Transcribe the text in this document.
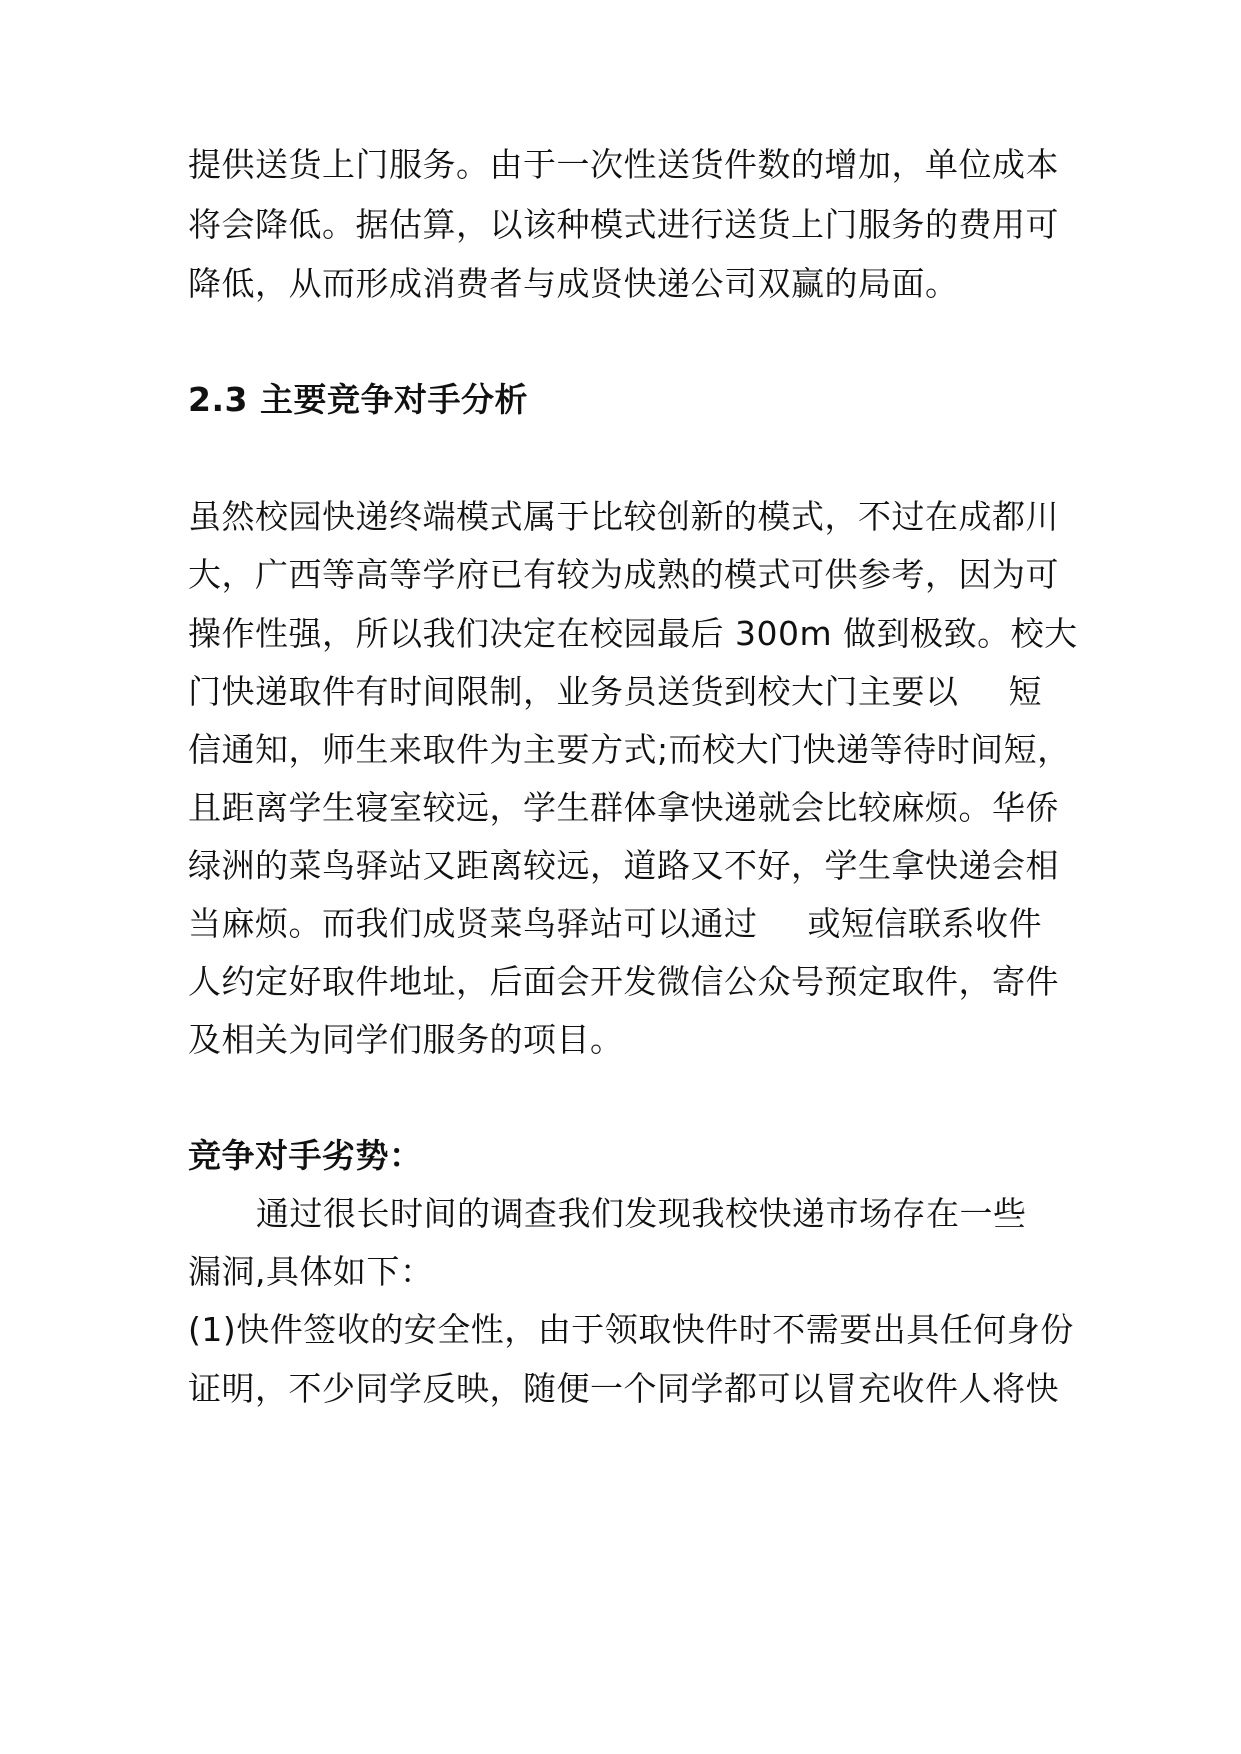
提供送货上门服务。由于一次性送货件数的增加，单位成本
将会降低。据估算，以该种模式进行送货上门服务的费用可
降低，从而形成消费者与成贤快递公司双赢的局面。
2.3 主要竞争对手分析
虽然校园快递终端模式属于比较创新的模式，不过在成都川
大，广西等高等学府已有较为成熟的模式可供参考，因为可
操作性强，所以我们决定在校园最后 300m 做到极致。校大
门快递取件有时间限制，业务员送货到校大门主要以 短
信通知，师生来取件为主要方式;而校大门快递等待时间短，
且距离学生寝室较远，学生群体拿快递就会比较麻烦。华侨
绿洲的菜鸟驿站又距离较远，道路又不好，学生拿快递会相
当麻烦。而我们成贤菜鸟驿站可以通过 或短信联系收件
人约定好取件地址，后面会开发微信公众号预定取件，寄件
及相关为同学们服务的项目。
竞争对手劣势：
通过很长时间的调查我们发现我校快递市场存在一些
漏洞,具体如下：
(1)快件签收的安全性，由于领取快件时不需要出具任何身份
证明，不少同学反映，随便一个同学都可以冒充收件人将快
